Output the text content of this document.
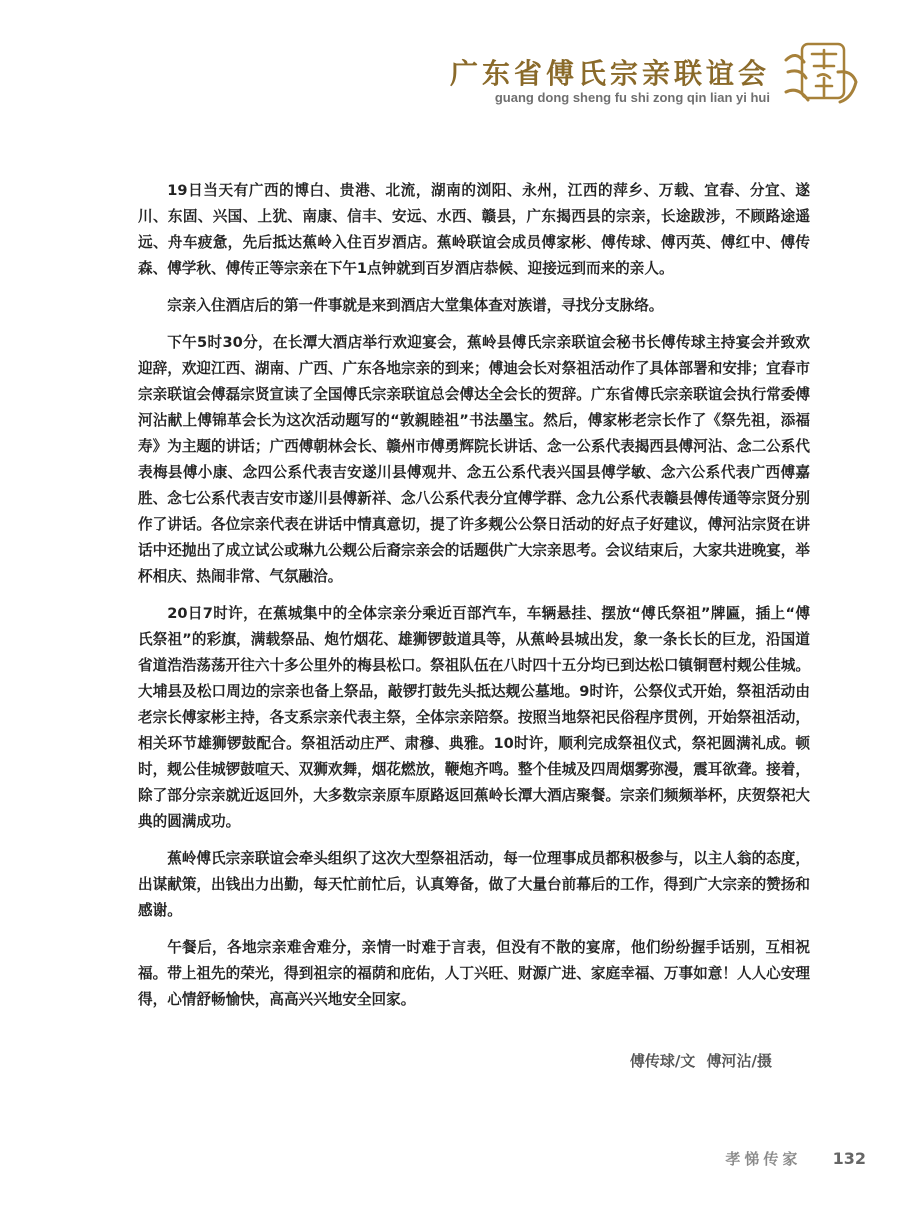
广东省傅氏宗亲联谊会
guang dong sheng fu shi zong qin lian yi hui

19日当天有广西的博白、贵港、北流，湖南的浏阳、永州，江西的萍乡、万载、宜春、分宜、遂川、东固、兴国、上犹、南康、信丰、安远、水西、赣县，广东揭西县的宗亲，长途跋涉，不顾路途遥远、舟车疲惫，先后抵达蕉岭入住百岁酒店。蕉岭联谊会成员傅家彬、傅传球、傅丙英、傅红中、傅传森、傅学秋、傅传正等宗亲在下午1点钟就到百岁酒店恭候、迎接远到而来的亲人。

宗亲入住酒店后的第一件事就是来到酒店大堂集体查对族谱，寻找分支脉络。

下午5时30分，在长潭大酒店举行欢迎宴会，蕉岭县傅氏宗亲联谊会秘书长傅传球主持宴会并致欢迎辞，欢迎江西、湖南、广西、广东各地宗亲的到来；傅迪会长对祭祖活动作了具体部署和安排；宜春市宗亲联谊会傅磊宗贤宣读了全国傅氏宗亲联谊总会傅达全会长的贺辞。广东省傅氏宗亲联谊会执行常委傅河沾献上傅锦革会长为这次活动题写的“敦親睦祖”书法墨宝。然后，傅家彬老宗长作了《祭先祖，添福寿》为主题的讲话；广西傅朝林会长、赣州市傅勇辉院长讲话、念一公系代表揭西县傅河沾、念二公系代表梅县傅小康、念四公系代表吉安遂川县傅观井、念五公系代表兴国县傅学敏、念六公系代表广西傅嘉胜、念七公系代表吉安市遂川县傅新祥、念八公系代表分宜傅学群、念九公系代表赣县傅传通等宗贤分别作了讲话。各位宗亲代表在讲话中情真意切，提了许多觌公公祭日活动的好点子好建议，傅河沾宗贤在讲话中还抛出了成立试公或琳九公觌公后裔宗亲会的话题供广大宗亲思考。会议结束后，大家共进晚宴，举杯相庆、热闹非常、气氛融洽。

20日7时许，在蕉城集中的全体宗亲分乘近百部汽车，车辆悬挂、摆放“傅氏祭祖”牌匾，插上“傅氏祭祖”的彩旗，满载祭品、炮竹烟花、雄狮锣鼓道具等，从蕉岭县城出发，象一条长长的巨龙，沿国道省道浩浩荡荡开往六十多公里外的梅县松口。祭祖队伍在八时四十五分均已到达松口镇铜琶村觌公佳城。大埔县及松口周边的宗亲也备上祭品，敲锣打鼓先头抵达觌公墓地。9时许，公祭仪式开始，祭祖活动由老宗长傅家彬主持，各支系宗亲代表主祭，全体宗亲陪祭。按照当地祭祀民俗程序贯例，开始祭祖活动，相关环节雄狮锣鼓配合。祭祖活动庄严、肃穆、典雅。10时许，顺利完成祭祖仪式，祭祀圆满礼成。顿时，觌公佳城锣鼓喧天、双狮欢舞，烟花燃放，鞭炮齐鸣。整个佳城及四周烟雾弥漫，震耳欲聋。接着，除了部分宗亲就近返回外，大多数宗亲原车原路返回蕉岭长潭大酒店聚餐。宗亲们频频举杯，庆贺祭祀大典的圆满成功。

蕉岭傅氏宗亲联谊会牵头组织了这次大型祭祖活动，每一位理事成员都积极参与，以主人翁的态度，出谋献策，出钱出力出勤，每天忙前忙后，认真筹备，做了大量台前幕后的工作，得到广大宗亲的赞扬和感谢。

午餐后，各地宗亲难舍难分，亲情一时难于言表，但没有不散的宴席，他们纷纷握手话别，互相祝福。带上祖先的荣光，得到祖宗的福荫和庇佑，人丁兴旺、财源广进、家庭幸福、万事如意！人人心安理得，心情舒畅愉快，高高兴兴地安全回家。

傅传球/文 傅河沾/摄
孝悌传家 132
